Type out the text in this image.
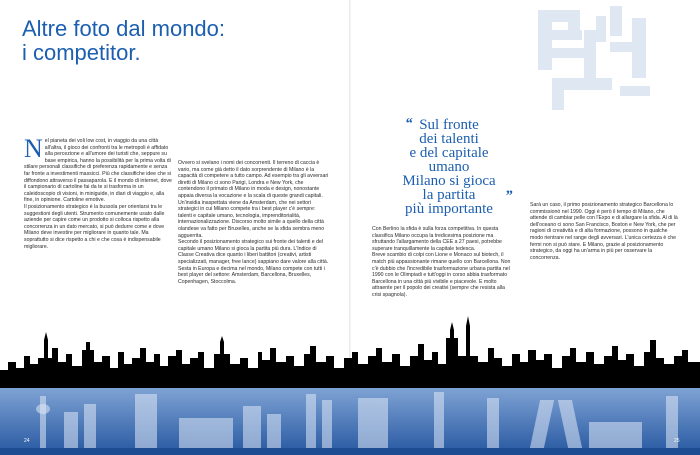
Altre foto dal mondo:
i competitor.
N el pianeta dei voli low cost, in viaggio da una città all'altra, il gioco dei confronti tra le metropoli è affidato alla percezione e all'umore dei turisti che, seppure su base empirica, hanno la possibilità per la prima volta di stilare personali classifiche di preferenza rapidamente e senza far fronte a investimenti massicci. Più che classifiche idee che si diffondono attraverso il passaparola. E il mondo di internet, dove il campionario di cartoline fai da te si trasforma in un caleidoscopio di visioni, in miniguide, in diari di viaggio e, alla fine, in opinione. Cartoline emotive.

Il posizionamento strategico è la bussola per orientarsi tra le suggestioni degli utenti. Strumento comunemente usato dalle aziende per capire come un prodotto si colloca rispetto alla concorrenza in un dato mercato, si può dedurre come e dove Milano deve investire per migliorare in quanto tale. Ma soprattutto si dice rispetto a chi e che cosa è indispensabile migliorare.

Ovvero si svelano i nomi dei concorrenti. Il terreno di caccia è vario, ma come già detto il dato sorprendente di Milano è la capacità di competere a tutto campo. Ad esempio tra gli avversari diretti di Milano ci sono Parigi, Londra e New York, che contendono il primato di Milano in moda e design, nonostante appaia diversa la vocazione e la scala di queste grandi capitali. Un'insidia inaspettata viene da Amsterdam, che nei settori strategici in cui Milano compete tra i best player c'è sempre: talenti e capitale umano, tecnologia, imprenditorialità, internazionalizzazione. Discorso molto simile a quello della città olandese va fatto per Bruxelles, anche se la sfida sembra meno agguerrita.

Secondo il posizionamento strategico sui fronte dei talenti e del capitale umano Milano si gioca la partita più dura. L'Indice di Classe Creativa dice quanto i liberi battitori (creativi, artisti specializzati, manager, free lance) sappiano dare valore alla città. Sesta in Europa e decima nel mondo, Milano compete con tutti i best player del settore: Amsterdam, Barcellona, Bruxelles, Copenhagen, Stoccolma.

Sul fronte
dei talenti
e del capitale
umano
Milano si gioca
la partita
più importante
“
”

Con Berlino la sfida è sulla forza competitiva. In questa classifica Milano occupa la tredicesima posizione ma sfruttando l'allargamento della CEE a 27 paesi, potrebbe superare tranquillamente la capitale tedesca.

Breve scambio di colpi con Lione e Monaco sul biotech, il match più appassionante rimane quello con Barcellona. Non c'è dubbio che l'incredibile trasformazione urbana partita nel 1990 con le Olimpiadi e tutt'oggi in corso abbia trasformato Barcellona in una città più vivibile e piacevole. E molto attraente per il popolo dei creativi (sempre che resista alla crisi spagnola).

Sarà un caso, il primo posizionamento strategico Barcellona lo commissionò nel 1990. Oggi è però il tempo di Milano, che attende di cambiar pelle con l'Expo e di allargare la sfida. Al di là dell'oceano ci sono San Francisco, Boston e New York, che per ragioni di creatività e di alta formazione, possono in qualche modo rientrare nel range degli avversari. L'unica certezza è che fermi non si può stare. E Milano, grazie al posizionamento strategico, da oggi ha un'arma in più per osservare la concorrenza.

24	25
